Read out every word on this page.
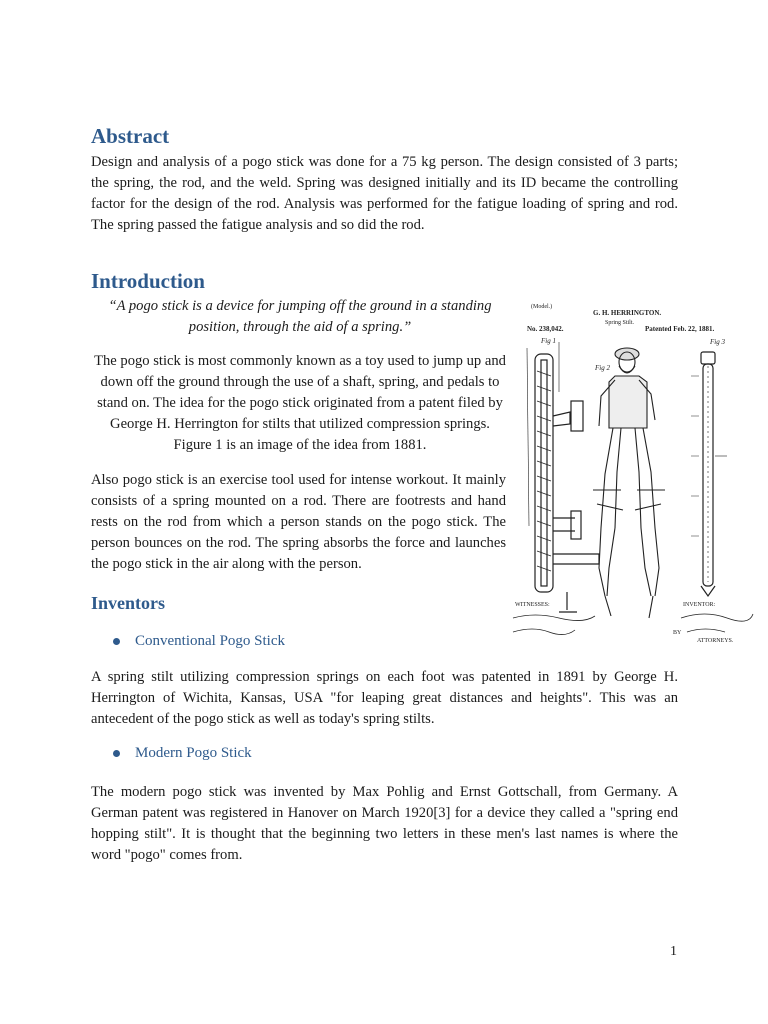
Abstract

Design and analysis of a pogo stick was done for a 75 kg person. The design consisted of 3 parts; the spring, the rod, and the weld. Spring was designed initially and its ID became the controlling factor for the design of the rod. Analysis was performed for the fatigue loading of spring and rod. The spring passed the fatigue analysis and so did the rod.

Introduction

“A pogo stick is a device for jumping off the ground in a standing position, through the aid of a spring.”

The pogo stick is most commonly known as a toy used to jump up and down off the ground through the use of a shaft, spring, and pedals to stand on. The idea for the pogo stick originated from a patent filed by George H. Herrington for stilts that utilized compression springs. Figure 1 is an image of the idea from 1881.

Also pogo stick is an exercise tool used for intense workout. It mainly consists of a spring mounted on a rod. There are footrests and hand rests on the rod from which a person stands on the pogo stick. The person bounces on the rod. The spring absorbs the force and launches the pogo stick in the air along with the person.

(Model.)
G. H. HERRINGTON.
Spring Stilt.
No. 238,042.	Patented Feb. 22, 1881.
Fig 1
Fig 2
Fig 3
WITNESSES:	INVENTOR:
BY
ATTORNEYS.
Inventors
Conventional Pogo Stick

A spring stilt utilizing compression springs on each foot was patented in 1891 by George H. Herrington of Wichita, Kansas, USA "for leaping great distances and heights". This was an antecedent of the pogo stick as well as today's spring stilts.

Modern Pogo Stick

The modern pogo stick was invented by Max Pohlig and Ernst Gottschall, from Germany. A German patent was registered in Hanover on March 1920[3] for a device they called a "spring end hopping stilt". It is thought that the beginning two letters in these men's last names is where the word "pogo" comes from.

1
